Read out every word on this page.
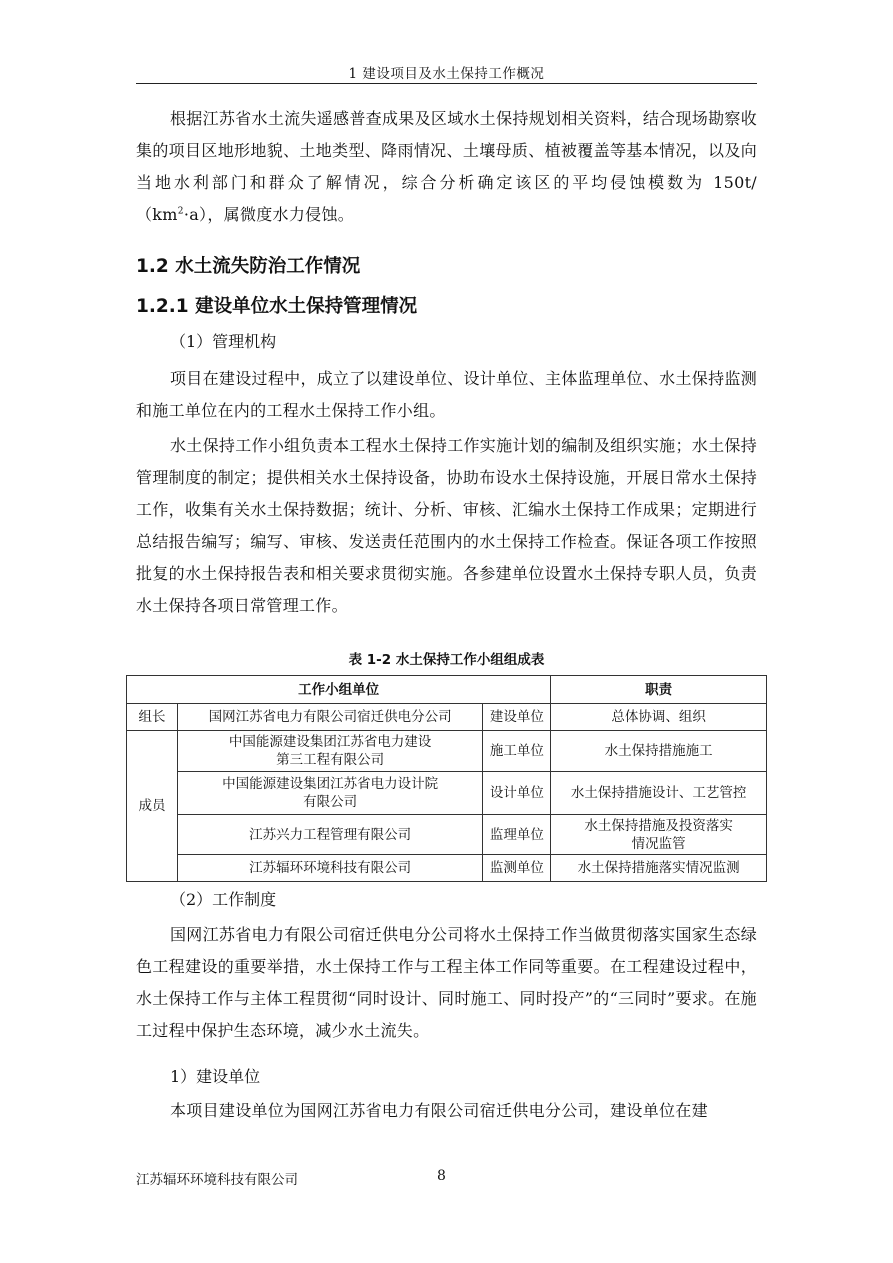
1 建设项目及水土保持工作概况
根据江苏省水土流失遥感普查成果及区域水土保持规划相关资料，结合现场勘察收集的项目区地形地貌、土地类型、降雨情况、土壤母质、植被覆盖等基本情况，以及向当地水利部门和群众了解情况，综合分析确定该区的平均侵蚀模数为 $150t/(km^2\cdot a)$，属微度水力侵蚀。
1.2 水土流失防治工作情况
1.2.1 建设单位水土保持管理情况
（1）管理机构
项目在建设过程中，成立了以建设单位、设计单位、主体监理单位、水土保持监测和施工单位在内的工程水土保持工作小组。
水土保持工作小组负责本工程水土保持工作实施计划的编制及组织实施；水土保持管理制度的制定；提供相关水土保持设备，协助布设水土保持设施，开展日常水土保持工作，收集有关水土保持数据；统计、分析、审核、汇编水土保持工作成果；定期进行总结报告编写；编写、审核、发送责任范围内的水土保持工作检查。保证各项工作按照批复的水土保持报告表和相关要求贯彻实施。各参建单位设置水土保持专职人员，负责水土保持各项日常管理工作。
表 1-2 水土保持工作小组组成表
工作小组单位			职责
组长	国网江苏省电力有限公司宿迁供电分公司	建设单位	总体协调、组织
成员	中国能源建设集团江苏省电力建设
第三工程有限公司	施工单位	水土保持措施施工

	中国能源建设集团江苏省电力设计院
有限公司	设计单位	水土保持措施设计、工艺管控

	江苏兴力工程管理有限公司	监理单位	水土保持措施及投资落实
情况监管

	江苏辐环环境科技有限公司	监测单位	水土保持措施落实情况监测
（2）工作制度
国网江苏省电力有限公司宿迁供电分公司将水土保持工作当做贯彻落实国家生态绿色工程建设的重要举措，水土保持工作与工程主体工作同等重要。在工程建设过程中，水土保持工作与主体工程贯彻“同时设计、同时施工、同时投产”的“三同时”要求。在施工过程中保护生态环境，减少水土流失。
1）建设单位
本项目建设单位为国网江苏省电力有限公司宿迁供电分公司，建设单位在建
江苏辐环环境科技有限公司	8
